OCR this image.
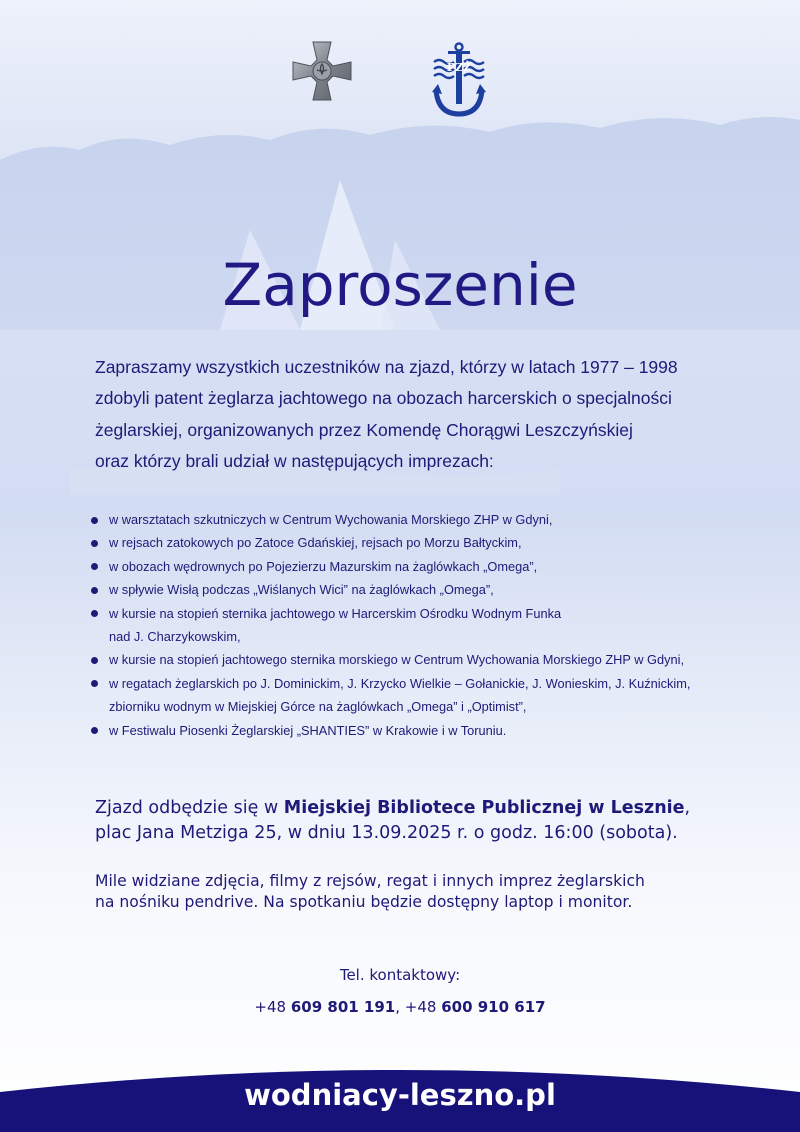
PZŻ
Zaproszenie

Zapraszamy wszystkich uczestników na zjazd, którzy w latach 1977 – 1998

zdobyli patent żeglarza jachtowego na obozach harcerskich o specjalności

żeglarskiej, organizowanych przez Komendę Chorągwi Leszczyńskiej

oraz którzy brali udział w następujących imprezach:

w warsztatach szkutniczych w Centrum Wychowania Morskiego ZHP w Gdyni,
w rejsach zatokowych po Zatoce Gdańskiej, rejsach po Morzu Bałtyckim,
w obozach wędrownych po Pojezierzu Mazurskim na żaglówkach „Omega”,
w spływie Wisłą podczas „Wiślanych Wici” na żaglówkach „Omega”,
w kursie na stopień sternika jachtowego w Harcerskim Ośrodku Wodnym Funka
nad J. Charzykowskim,
w kursie na stopień jachtowego sternika morskiego w Centrum Wychowania Morskiego ZHP w Gdyni,
w regatach żeglarskich po J. Dominickim, J. Krzycko Wielkie – Gołanickie, J. Wonieskim, J. Kuźnickim,
zbiorniku wodnym w Miejskiej Górce na żaglówkach „Omega” i „Optimist”,
w Festiwalu Piosenki Żeglarskiej „SHANTIES” w Krakowie i w Toruniu.
Zjazd odbędzie się w Miejskiej Bibliotece Publicznej w Lesznie,
plac Jana Metziga 25, w dniu 13.09.2025 r. o godz. 16:00 (sobota).
Mile widziane zdjęcia, filmy z rejsów, regat i innych imprez żeglarskich
na nośniku pendrive. Na spotkaniu będzie dostępny laptop i monitor.
Tel. kontaktowy:
+48 609 801 191, +48 600 910 617
wodniacy-leszno.pl
